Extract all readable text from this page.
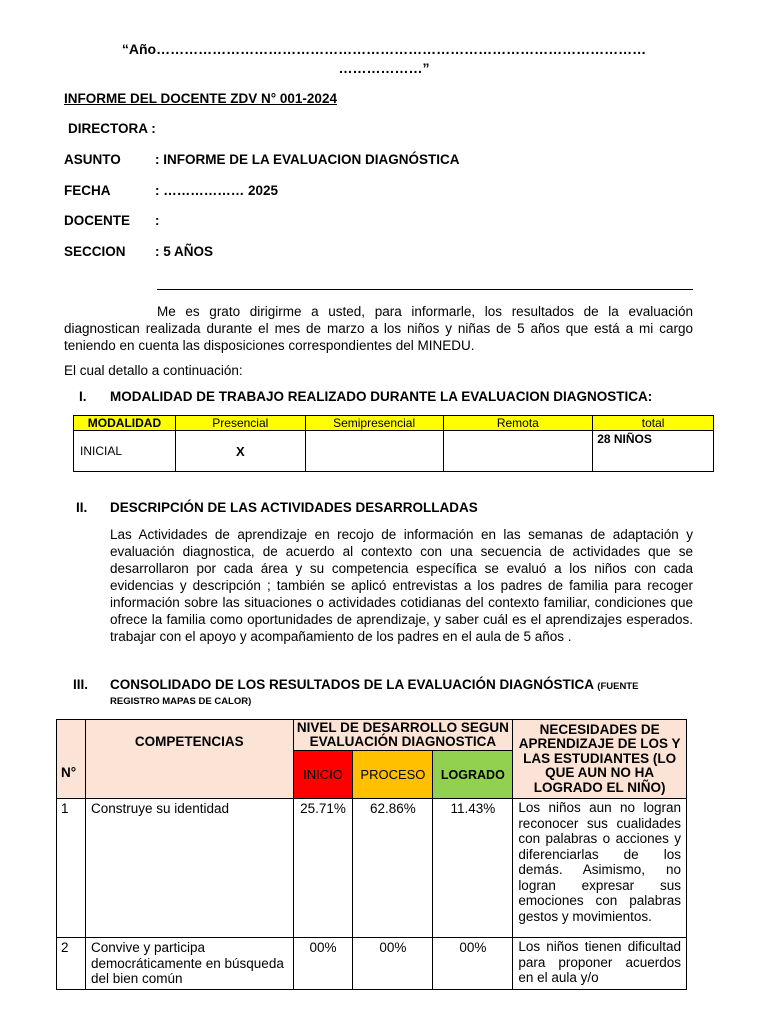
“Año……………………………………………………………………………………………
………………”
INFORME DEL DOCENTE ZDV N° 001-2024
DIRECTORA :
ASUNTO	: INFORME DE LA EVALUACION DIAGNÓSTICA
FECHA	: ……………… 2025
DOCENTE :
SECCION : 5 AÑOS
Me es grato dirigirme a usted, para informarle, los resultados de la evaluación diagnostican realizada durante el mes de marzo a los niños y niñas de 5 años que está a mi cargo teniendo en cuenta las disposiciones correspondientes del MINEDU.
El cual detallo a continuación:
I. MODALIDAD DE TRABAJO REALIZADO DURANTE LA EVALUACION DIAGNOSTICA:
MODALIDAD	Presencial	Semipresencial	Remota	total
INICIAL	X			28 NIÑOS
II. DESCRIPCIÓN DE LAS ACTIVIDADES DESARROLLADAS
Las Actividades de aprendizaje en recojo de información en las semanas de adaptación y evaluación diagnostica, de acuerdo al contexto con una secuencia de actividades que se desarrollaron por cada área y su competencia específica se evaluó a los niños con cada evidencias y descripción ; también se aplicó entrevistas a los padres de familia para recoger información sobre las situaciones o actividades cotidianas del contexto familiar, condiciones que ofrece la familia como oportunidades de aprendizaje, y saber cuál es el aprendizajes esperados. trabajar con el apoyo y acompañamiento de los padres en el aula de 5 años .
III. CONSOLIDADO DE LOS RESULTADOS DE LA EVALUACIÓN DIAGNÓSTICA (FUENTE
REGISTRO MAPAS DE CALOR)
N°	COMPETENCIAS	NIVEL DE DESARROLLO SEGUN EVALUACIÓN DIAGNOSTICA			NECESIDADES DE APRENDIZAJE DE LOS Y LAS ESTUDIANTES (LO QUE AUN NO HA LOGRADO EL NIÑO)
		INICIO	PROCESO	LOGRADO	
1	Construye su identidad	25.71%	62.86%	11.43%	Los niños aun no logran reconocer sus cualidades con palabras o acciones y diferenciarlas de los demás. Asimismo, no logran expresar sus emociones con palabras gestos y movimientos.
2	Convive y participa democráticamente en búsqueda del bien común	00%	00%	00%	Los niños tienen dificultad para proponer acuerdos en el aula y/o
